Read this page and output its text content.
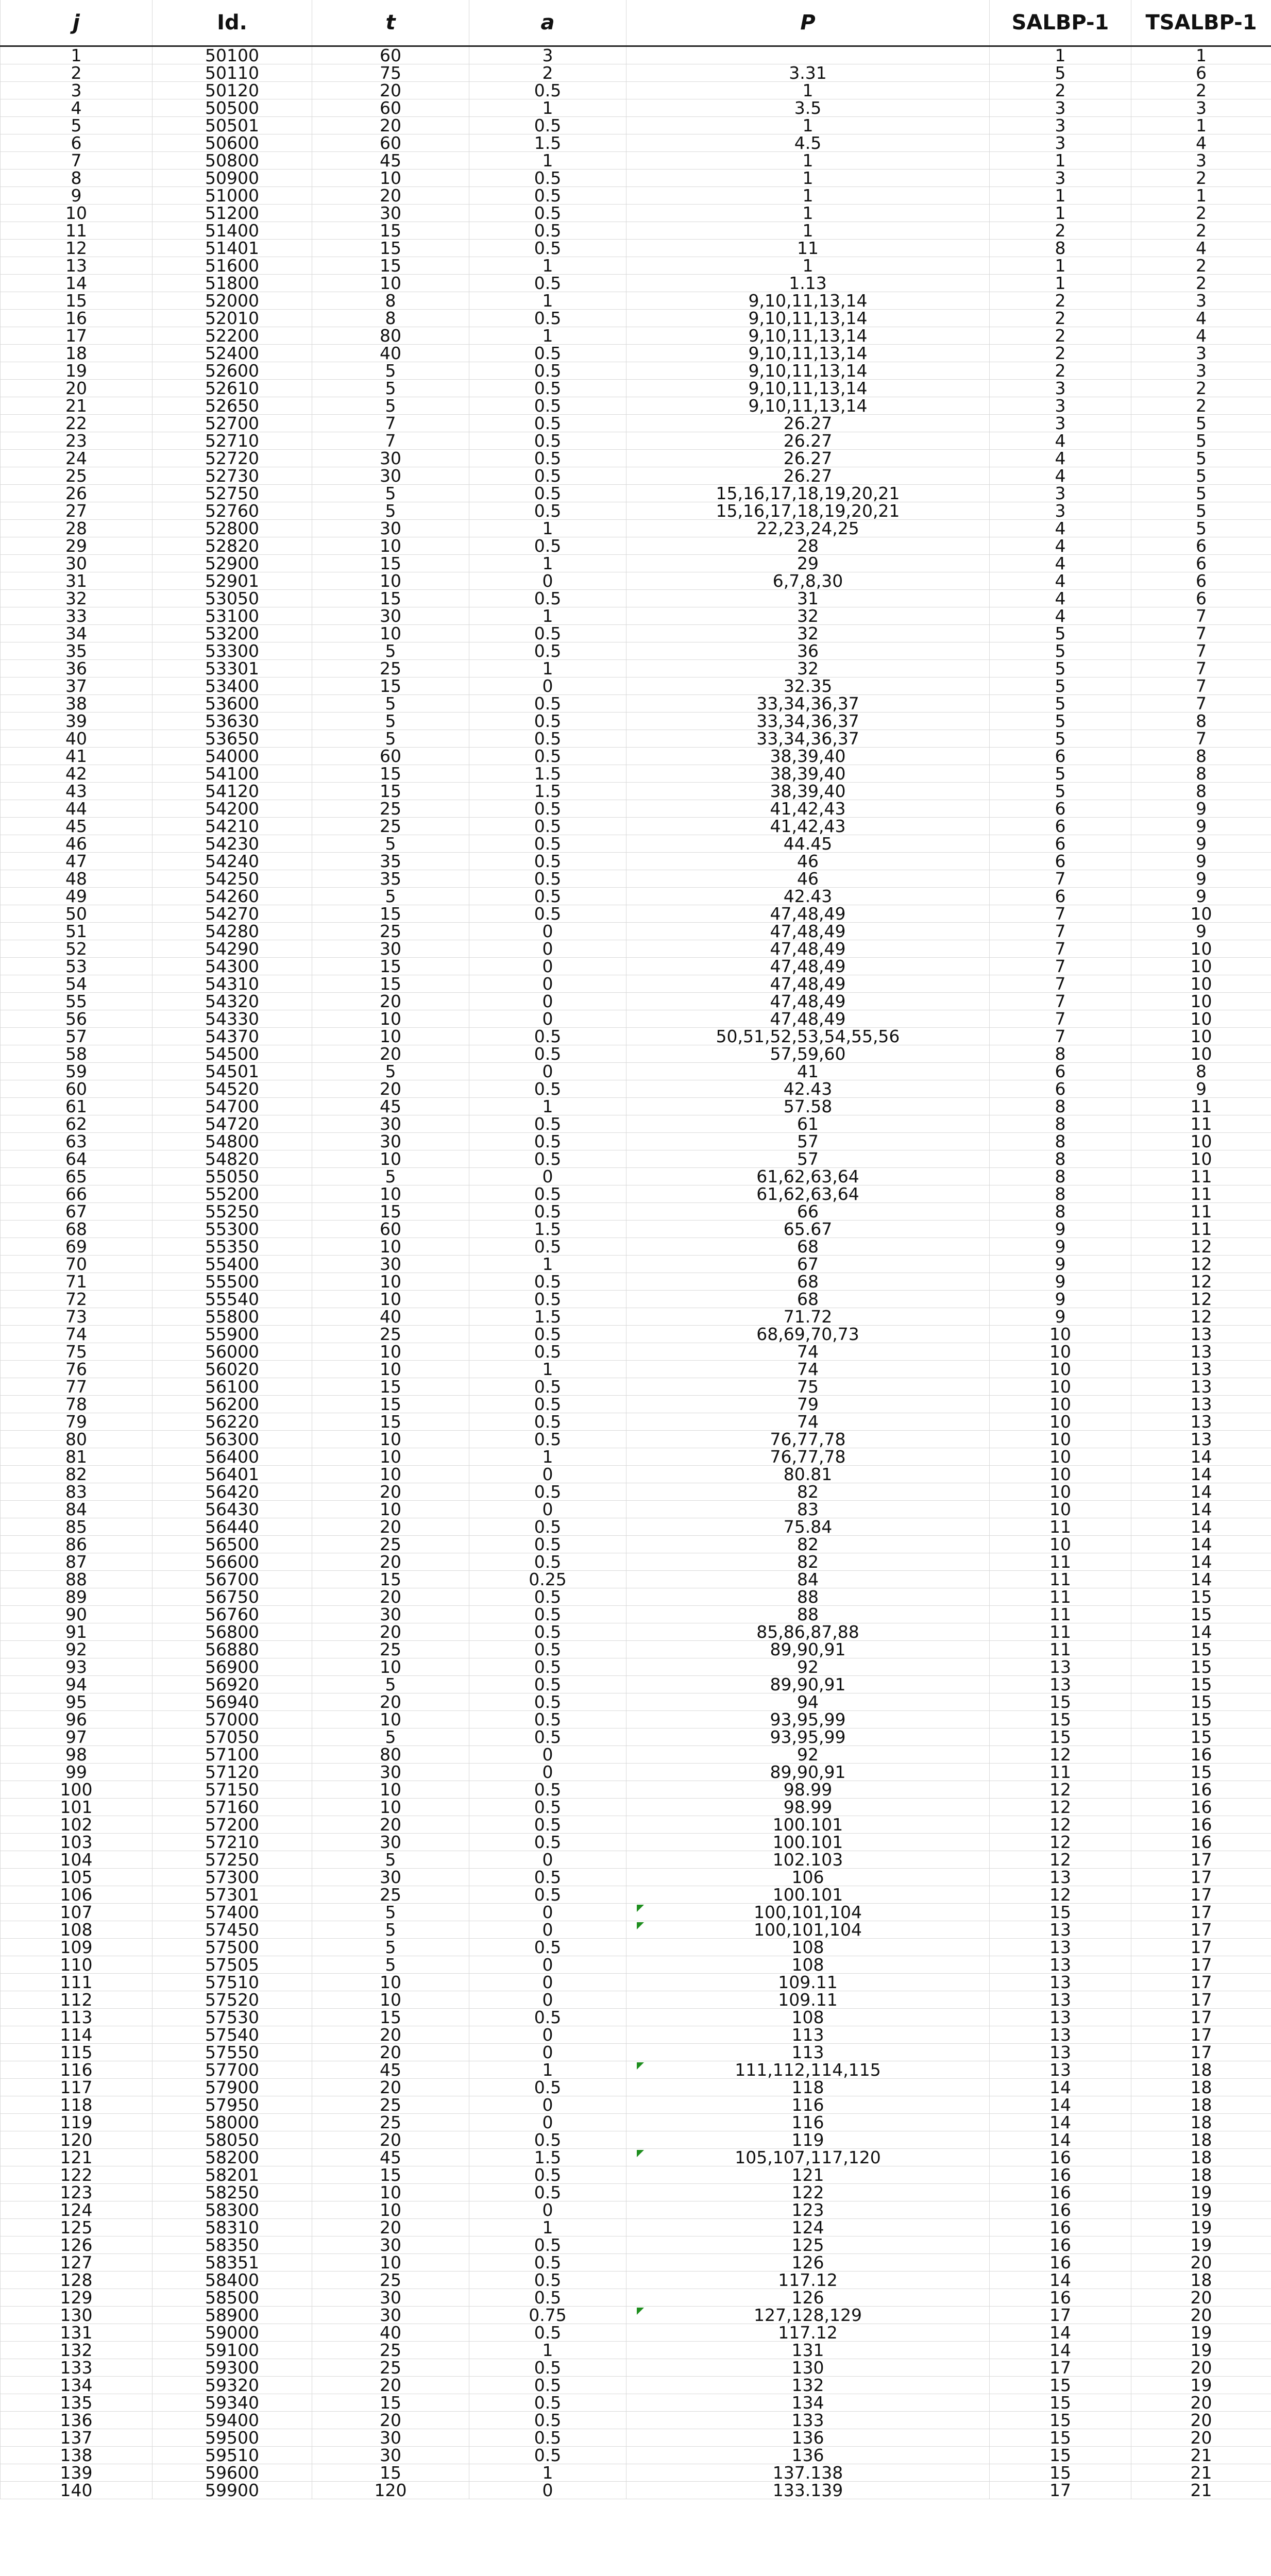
j	Id.	t	a	P	SALBP-1	TSALBP-1
1	50100	60	3		1	1
2	50110	75	2	3.31	5	6
3	50120	20	0.5	1	2	2
4	50500	60	1	3.5	3	3
5	50501	20	0.5	1	3	1
6	50600	60	1.5	4.5	3	4
7	50800	45	1	1	1	3
8	50900	10	0.5	1	3	2
9	51000	20	0.5	1	1	1
10	51200	30	0.5	1	1	2
11	51400	15	0.5	1	2	2
12	51401	15	0.5	11	8	4
13	51600	15	1	1	1	2
14	51800	10	0.5	1.13	1	2
15	52000	8	1	9,10,11,13,14	2	3
16	52010	8	0.5	9,10,11,13,14	2	4
17	52200	80	1	9,10,11,13,14	2	4
18	52400	40	0.5	9,10,11,13,14	2	3
19	52600	5	0.5	9,10,11,13,14	2	3
20	52610	5	0.5	9,10,11,13,14	3	2
21	52650	5	0.5	9,10,11,13,14	3	2
22	52700	7	0.5	26.27	3	5
23	52710	7	0.5	26.27	4	5
24	52720	30	0.5	26.27	4	5
25	52730	30	0.5	26.27	4	5
26	52750	5	0.5	15,16,17,18,19,20,21	3	5
27	52760	5	0.5	15,16,17,18,19,20,21	3	5
28	52800	30	1	22,23,24,25	4	5
29	52820	10	0.5	28	4	6
30	52900	15	1	29	4	6
31	52901	10	0	6,7,8,30	4	6
32	53050	15	0.5	31	4	6
33	53100	30	1	32	4	7
34	53200	10	0.5	32	5	7
35	53300	5	0.5	36	5	7
36	53301	25	1	32	5	7
37	53400	15	0	32.35	5	7
38	53600	5	0.5	33,34,36,37	5	7
39	53630	5	0.5	33,34,36,37	5	8
40	53650	5	0.5	33,34,36,37	5	7
41	54000	60	0.5	38,39,40	6	8
42	54100	15	1.5	38,39,40	5	8
43	54120	15	1.5	38,39,40	5	8
44	54200	25	0.5	41,42,43	6	9
45	54210	25	0.5	41,42,43	6	9
46	54230	5	0.5	44.45	6	9
47	54240	35	0.5	46	6	9
48	54250	35	0.5	46	7	9
49	54260	5	0.5	42.43	6	9
50	54270	15	0.5	47,48,49	7	10
51	54280	25	0	47,48,49	7	9
52	54290	30	0	47,48,49	7	10
53	54300	15	0	47,48,49	7	10
54	54310	15	0	47,48,49	7	10
55	54320	20	0	47,48,49	7	10
56	54330	10	0	47,48,49	7	10
57	54370	10	0.5	50,51,52,53,54,55,56	7	10
58	54500	20	0.5	57,59,60	8	10
59	54501	5	0	41	6	8
60	54520	20	0.5	42.43	6	9
61	54700	45	1	57.58	8	11
62	54720	30	0.5	61	8	11
63	54800	30	0.5	57	8	10
64	54820	10	0.5	57	8	10
65	55050	5	0	61,62,63,64	8	11
66	55200	10	0.5	61,62,63,64	8	11
67	55250	15	0.5	66	8	11
68	55300	60	1.5	65.67	9	11
69	55350	10	0.5	68	9	12
70	55400	30	1	67	9	12
71	55500	10	0.5	68	9	12
72	55540	10	0.5	68	9	12
73	55800	40	1.5	71.72	9	12
74	55900	25	0.5	68,69,70,73	10	13
75	56000	10	0.5	74	10	13
76	56020	10	1	74	10	13
77	56100	15	0.5	75	10	13
78	56200	15	0.5	79	10	13
79	56220	15	0.5	74	10	13
80	56300	10	0.5	76,77,78	10	13
81	56400	10	1	76,77,78	10	14
82	56401	10	0	80.81	10	14
83	56420	20	0.5	82	10	14
84	56430	10	0	83	10	14
85	56440	20	0.5	75.84	11	14
86	56500	25	0.5	82	10	14
87	56600	20	0.5	82	11	14
88	56700	15	0.25	84	11	14
89	56750	20	0.5	88	11	15
90	56760	30	0.5	88	11	15
91	56800	20	0.5	85,86,87,88	11	14
92	56880	25	0.5	89,90,91	11	15
93	56900	10	0.5	92	13	15
94	56920	5	0.5	89,90,91	13	15
95	56940	20	0.5	94	15	15
96	57000	10	0.5	93,95,99	15	15
97	57050	5	0.5	93,95,99	15	15
98	57100	80	0	92	12	16
99	57120	30	0	89,90,91	11	15
100	57150	10	0.5	98.99	12	16
101	57160	10	0.5	98.99	12	16
102	57200	20	0.5	100.101	12	16
103	57210	30	0.5	100.101	12	16
104	57250	5	0	102.103	12	17
105	57300	30	0.5	106	13	17
106	57301	25	0.5	100.101	12	17
107	57400	5	0	100,101,104	15	17
108	57450	5	0	100,101,104	13	17
109	57500	5	0.5	108	13	17
110	57505	5	0	108	13	17
111	57510	10	0	109.11	13	17
112	57520	10	0	109.11	13	17
113	57530	15	0.5	108	13	17
114	57540	20	0	113	13	17
115	57550	20	0	113	13	17
116	57700	45	1	111,112,114,115	13	18
117	57900	20	0.5	118	14	18
118	57950	25	0	116	14	18
119	58000	25	0	116	14	18
120	58050	20	0.5	119	14	18
121	58200	45	1.5	105,107,117,120	16	18
122	58201	15	0.5	121	16	18
123	58250	10	0.5	122	16	19
124	58300	10	0	123	16	19
125	58310	20	1	124	16	19
126	58350	30	0.5	125	16	19
127	58351	10	0.5	126	16	20
128	58400	25	0.5	117.12	14	18
129	58500	30	0.5	126	16	20
130	58900	30	0.75	127,128,129	17	20
131	59000	40	0.5	117.12	14	19
132	59100	25	1	131	14	19
133	59300	25	0.5	130	17	20
134	59320	20	0.5	132	15	19
135	59340	15	0.5	134	15	20
136	59400	20	0.5	133	15	20
137	59500	30	0.5	136	15	20
138	59510	30	0.5	136	15	21
139	59600	15	1	137.138	15	21
140	59900	120	0	133.139	17	21
